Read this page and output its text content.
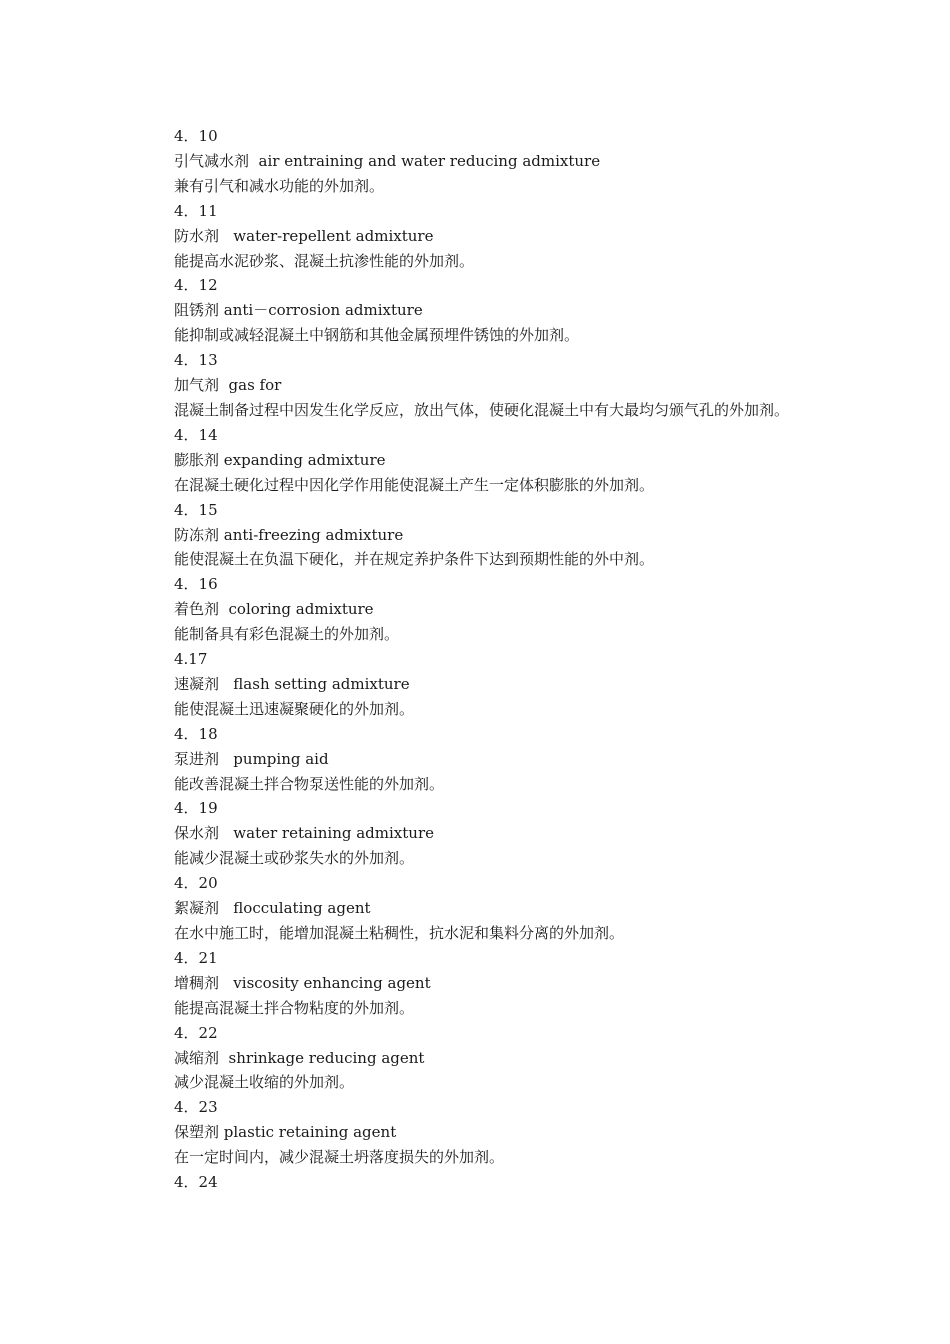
4．10
引气减水剂  air entraining and water reducing admixture
兼有引气和减水功能的外加剂。
4．11
防水剂   water-repellent admixture
能提高水泥砂浆、混凝土抗渗性能的外加剂。
4．12
阻锈剂 anti－corrosion admixture
能抑制或减轻混凝土中钢筋和其他金属预埋件锈蚀的外加剂。
4．13
加气剂  gas for
混凝土制备过程中因发生化学反应，放出气体，使硬化混凝土中有大最均匀颁气孔的外加剂。
4．14
膨胀剂 expanding admixture
在混凝土硬化过程中因化学作用能使混凝土产生一定体积膨胀的外加剂。
4．15
防冻剂 anti-freezing admixture
能使混凝土在负温下硬化，并在规定养护条件下达到预期性能的外中剂。
4．16
着色剂  coloring admixture
能制备具有彩色混凝土的外加剂。
4.17
速凝剂   flash setting admixture
能使混凝土迅速凝聚硬化的外加剂。
4．18
泵进剂   pumping aid
能改善混凝土拌合物泵送性能的外加剂。
4．19
保水剂   water retaining admixture
能减少混凝土或砂浆失水的外加剂。
4．20
絮凝剂   flocculating agent
在水中施工时，能增加混凝土粘稠性，抗水泥和集料分离的外加剂。
4．21
增稠剂   viscosity enhancing agent
能提高混凝土拌合物粘度的外加剂。
4．22
减缩剂  shrinkage reducing agent
减少混凝土收缩的外加剂。
4．23
保塑剂 plastic retaining agent
在一定时间内，减少混凝土坍落度损失的外加剂。
4．24
